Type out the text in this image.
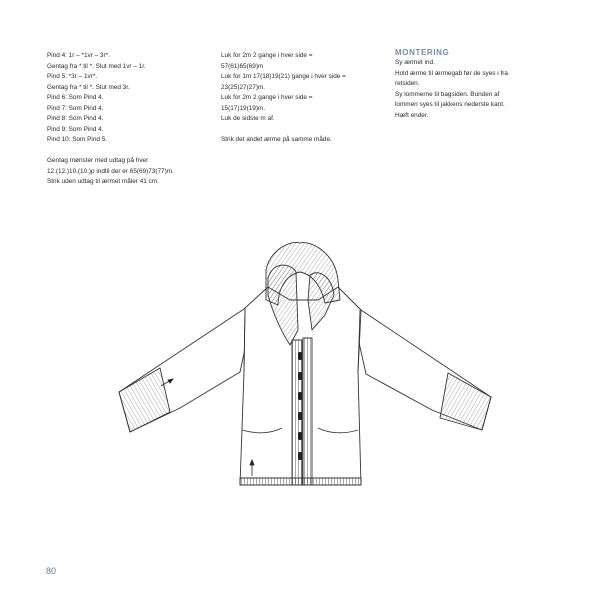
Pind 4: 1r – *1vr – 3r*.

Gentag fra * til *. Slut med 1vr – 1r.

Pind 5: *3r – 1vr*.

Gentag fra * til *. Slut med 3r.

Pind 6: Som Pind 4.

Pind 7: Som Pind 4.

Pind 8: Som Pind 4.

Pind 9: Som Pind 4.

Pind 10: Som Pind 5.

Gentag mønster med udtag på hver

12.(12.)10.(10.)p indtil der er 65(69)73(77)m.

Strik uden udtag til ærmet måler 41 cm.

Luk for 2m 2 gange i hver side =

57(61)65(69)m

Luk for 1m 17(18)19(21) gange i hver side =

23(25)27(27)m.

Luk for 2m 2 gange i hver side =

15(17)19(19)m.

Luk de sidste m af.

Strik det andet ærme på samme måde.

MONTERING

Sy ærmet ind.

Hold ærme til ærmegab før de syes i fra

retsiden.

Sy lommerne til bagsiden. Bunden af

lommen syes til jakkens nederste kant.

Hæft ender.

80
